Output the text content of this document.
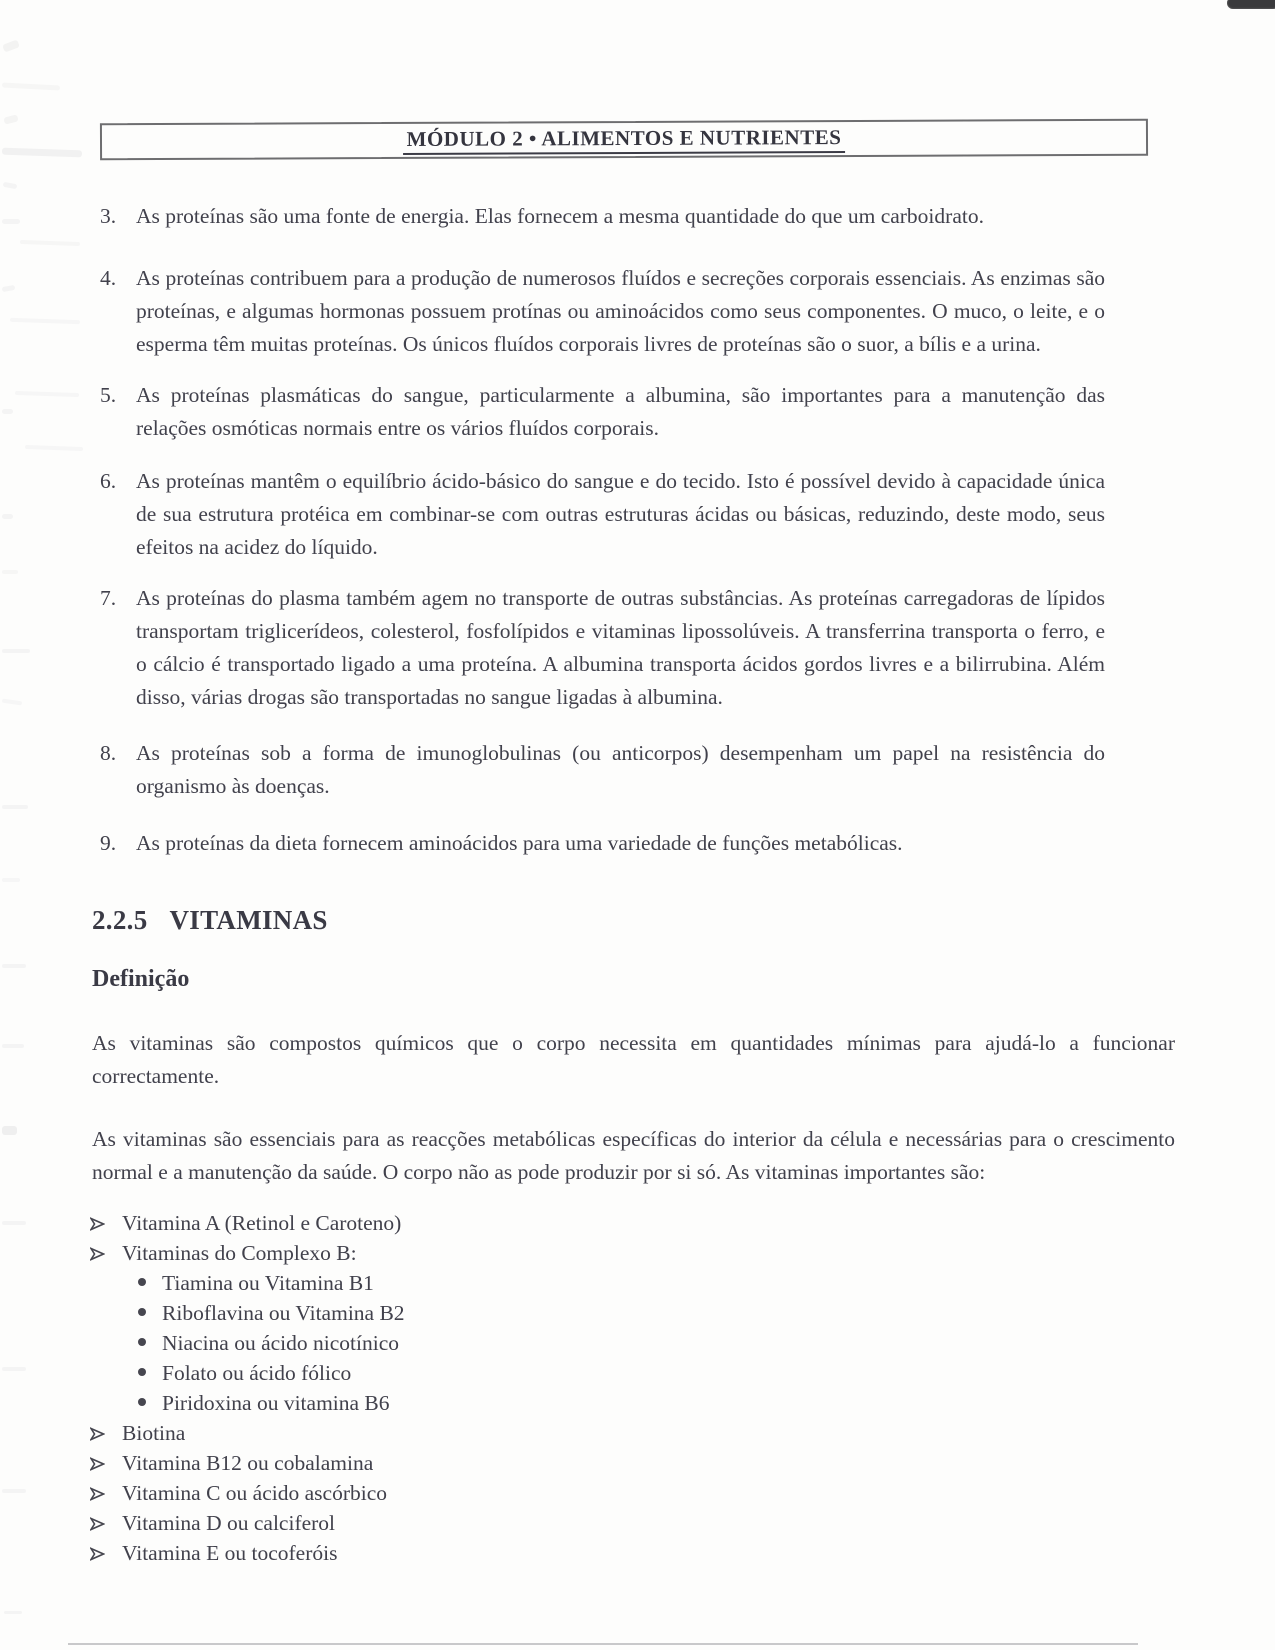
MÓDULO 2 • ALIMENTOS E NUTRIENTES
3. As proteínas são uma fonte de energia. Elas fornecem a mesma quantidade do que um carboidrato.

4. As proteínas contribuem para a produção de numerosos fluídos e secreções corporais essenciais. As enzimas são proteínas, e algumas hormonas possuem protínas ou aminoácidos como seus componentes. O muco, o leite, e o esperma têm muitas proteínas. Os únicos fluídos corporais livres de proteínas são o suor, a bílis e a urina.

5. As proteínas plasmáticas do sangue, particularmente a albumina, são importantes para a manutenção das relações osmóticas normais entre os vários fluídos corporais.

6. As proteínas mantêm o equilíbrio ácido-básico do sangue e do tecido. Isto é possível devido à capacidade única de sua estrutura protéica em combinar-se com outras estruturas ácidas ou básicas, reduzindo, deste modo, seus efeitos na acidez do líquido.

7. As proteínas do plasma também agem no transporte de outras substâncias. As proteínas carregadoras de lípidos transportam triglicerídeos, colesterol, fosfolípidos e vitaminas lipossolúveis. A transferrina transporta o ferro, e o cálcio é transportado ligado a uma proteína. A albumina transporta ácidos gordos livres e a bilirrubina. Além disso, várias drogas são transportadas no sangue ligadas à albumina.

8. As proteínas sob a forma de imunoglobulinas (ou anticorpos) desempenham um papel na resistência do organismo às doenças.

9. As proteínas da dieta fornecem aminoácidos para uma variedade de funções metabólicas.

2.2.5 VITAMINAS
Definição

As vitaminas são compostos químicos que o corpo necessita em quantidades mínimas para ajudá-lo a funcionar correctamente.

As vitaminas são essenciais para as reacções metabólicas específicas do interior da célula e necessárias para o crescimento normal e a manutenção da saúde. O corpo não as pode produzir por si só. As vitaminas importantes são:

Vitamina A (Retinol e Caroteno)
Vitaminas do Complexo B:
Tiamina ou Vitamina B1
Riboflavina ou Vitamina B2
Niacina ou ácido nicotínico
Folato ou ácido fólico
Piridoxina ou vitamina B6
Biotina
Vitamina B12 ou cobalamina
Vitamina C ou ácido ascórbico
Vitamina D ou calciferol
Vitamina E ou tocoferóis
